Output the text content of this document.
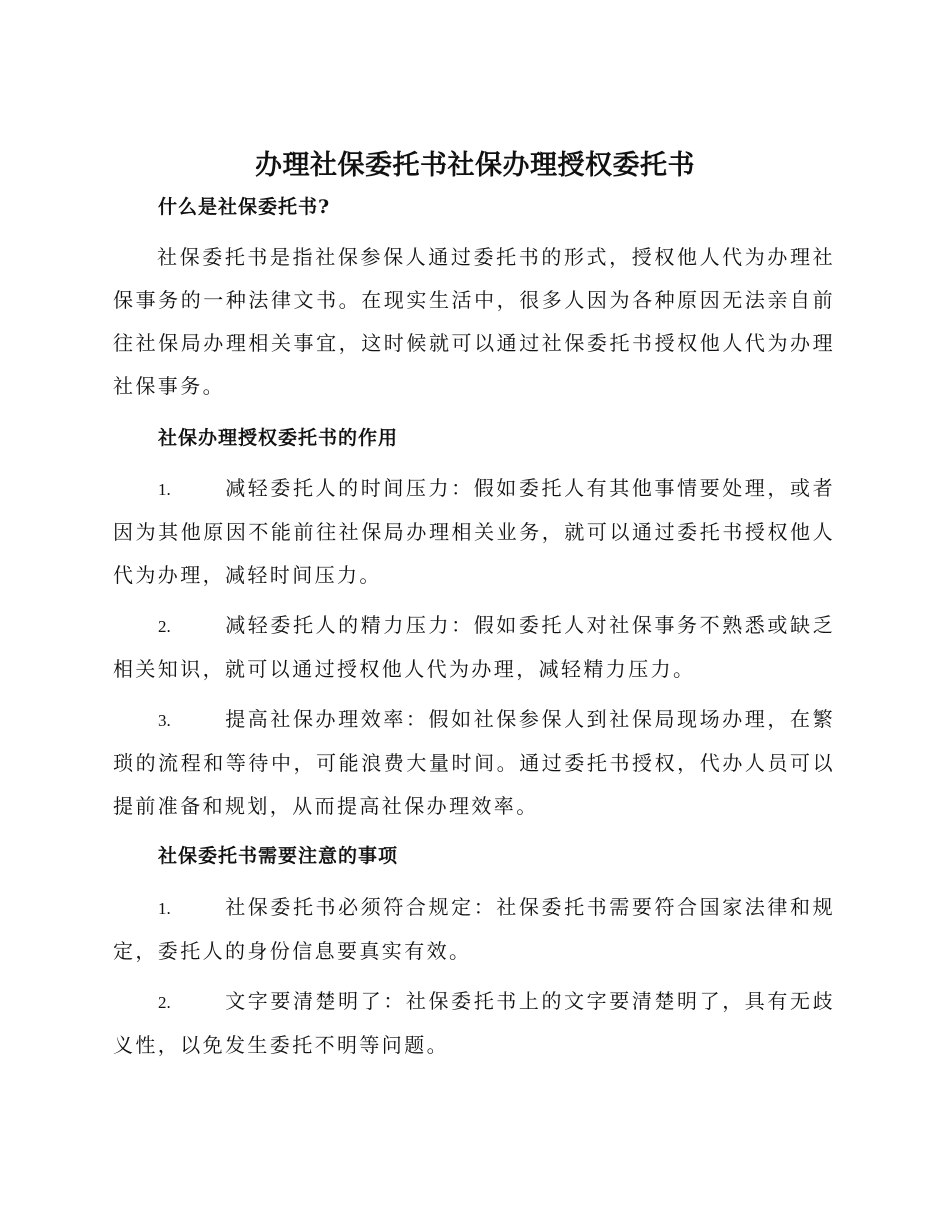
办理社保委托书社保办理授权委托书
什么是社保委托书?

社保委托书是指社保参保人通过委托书的形式，授权他人代为办理社保事务的一种法律文书。在现实生活中，很多人因为各种原因无法亲自前往社保局办理相关事宜，这时候就可以通过社保委托书授权他人代为办理社保事务。

社保办理授权委托书的作用

1.	减轻委托人的时间压力：假如委托人有其他事情要处理，或者因为其他原因不能前往社保局办理相关业务，就可以通过委托书授权他人代为办理，减轻时间压力。

2.	减轻委托人的精力压力：假如委托人对社保事务不熟悉或缺乏相关知识，就可以通过授权他人代为办理，减轻精力压力。

3.	提高社保办理效率：假如社保参保人到社保局现场办理，在繁琐的流程和等待中，可能浪费大量时间。通过委托书授权，代办人员可以提前准备和规划，从而提高社保办理效率。

社保委托书需要注意的事项

1.	社保委托书必须符合规定：社保委托书需要符合国家法律和规定，委托人的身份信息要真实有效。

2.	文字要清楚明了：社保委托书上的文字要清楚明了，具有无歧义性，以免发生委托不明等问题。
